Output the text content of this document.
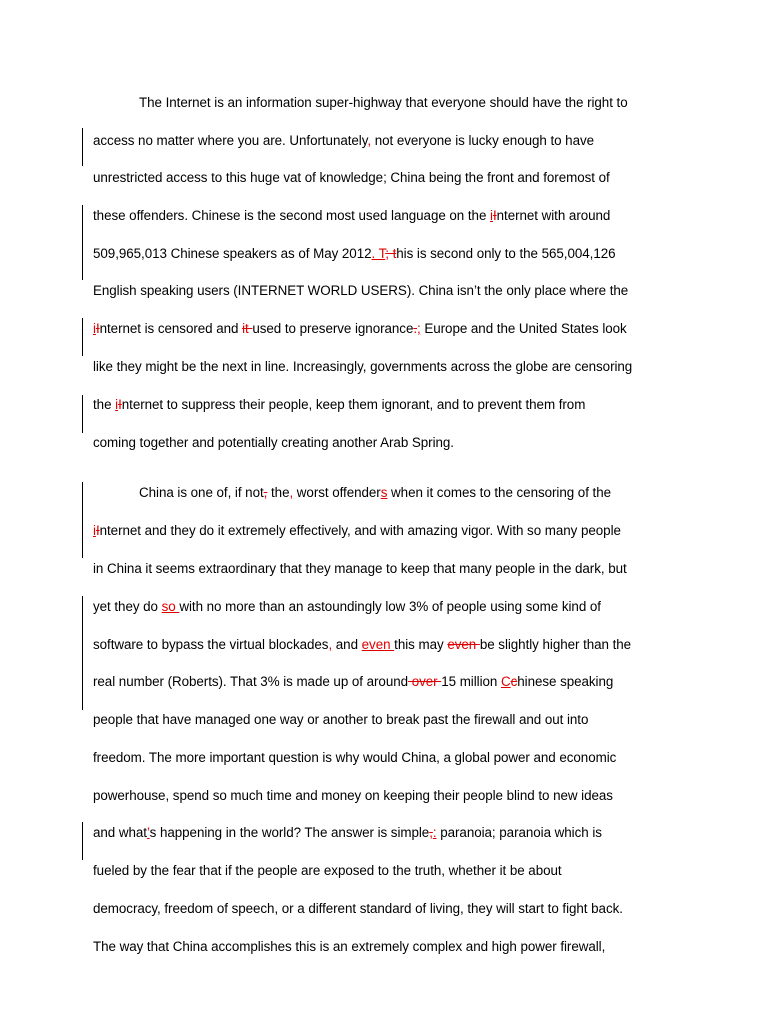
The Internet is an information super-highway that everyone should have the right to
access no matter where you are. Unfortunately, not everyone is lucky enough to have
unrestricted access to this huge vat of knowledge; China being the front and foremost of
these offenders. Chinese is the second most used language on the iInternet with around
509,965,013 Chinese speakers as of May 2012. T; this is second only to the 565,004,126
English speaking users (INTERNET WORLD USERS). China isn’t the only place where the
iInternet is censored and it used to preserve ignorance.; Europe and the United States look
like they might be the next in line. Increasingly, governments across the globe are censoring
the iInternet to suppress their people, keep them ignorant, and to prevent them from
coming together and potentially creating another Arab Spring.
China is one of, if not, the, worst offenders when it comes to the censoring of the
iInternet and they do it extremely effectively, and with amazing vigor. With so many people
in China it seems extraordinary that they manage to keep that many people in the dark, but
yet they do so with no more than an astoundingly low 3% of people using some kind of
software to bypass the virtual blockades, and even this may even be slightly higher than the
real number (Roberts). That 3% is made up of around over 15 million Cchinese speaking
people that have managed one way or another to break past the firewall and out into
freedom. The more important question is why would China, a global power and economic
powerhouse, spend so much time and money on keeping their people blind to new ideas
and what’s happening in the world? The answer is simple,: paranoia; paranoia which is
fueled by the fear that if the people are exposed to the truth, whether it be about
democracy, freedom of speech, or a different standard of living, they will start to fight back.
The way that China accomplishes this is an extremely complex and high power firewall,
